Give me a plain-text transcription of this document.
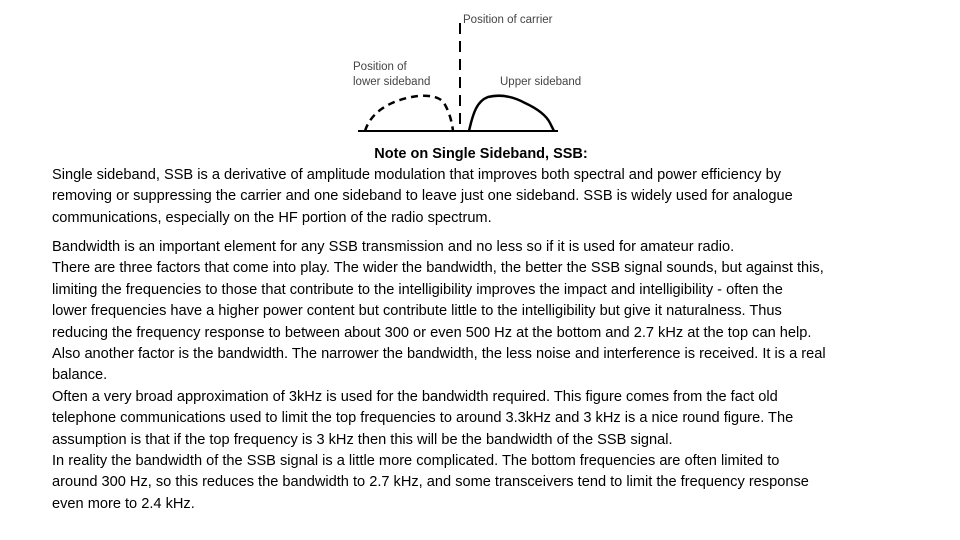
Position of carrier
Position of
lower sideband	Upper sideband
Note on Single Sideband, SSB:
Single sideband, SSB is a derivative of amplitude modulation that improves both spectral and power efficiency by
removing or suppressing the carrier and one sideband to leave just one sideband. SSB is widely used for analogue
communications, especially on the HF portion of the radio spectrum.
Bandwidth is an important element for any SSB transmission and no less so if it is used for amateur radio.
There are three factors that come into play. The wider the bandwidth, the better the SSB signal sounds, but against this,
limiting the frequencies to those that contribute to the intelligibility improves the impact and intelligibility - often the
lower frequencies have a higher power content but contribute little to the intelligibility but give it naturalness. Thus
reducing the frequency response to between about 300 or even 500 Hz at the bottom and 2.7 kHz at the top can help.
Also another factor is the bandwidth. The narrower the bandwidth, the less noise and interference is received. It is a real
balance.
Often a very broad approximation of 3kHz is used for the bandwidth required. This figure comes from the fact old
telephone communications used to limit the top frequencies to around 3.3kHz and 3 kHz is a nice round figure. The
assumption is that if the top frequency is 3 kHz then this will be the bandwidth of the SSB signal.
In reality the bandwidth of the SSB signal is a little more complicated. The bottom frequencies are often limited to
around 300 Hz, so this reduces the bandwidth to 2.7 kHz, and some transceivers tend to limit the frequency response
even more to 2.4 kHz.
